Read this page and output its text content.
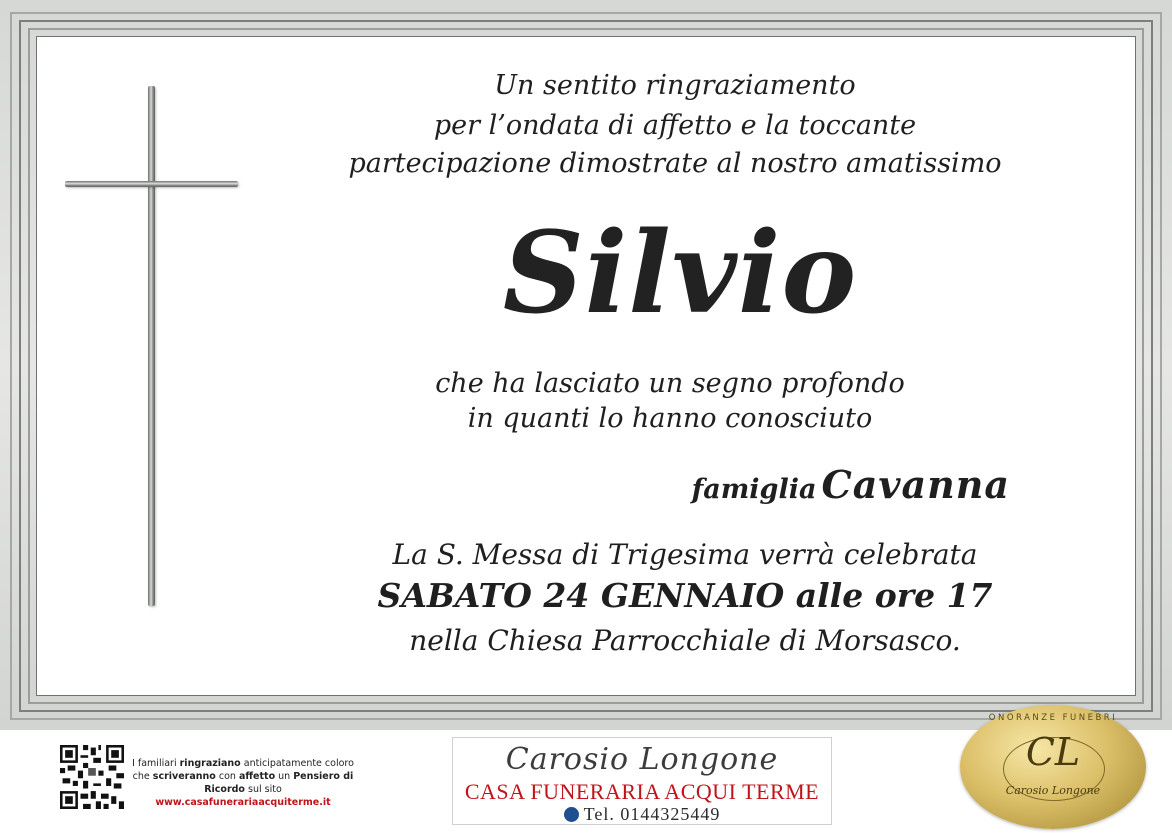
Un sentito ringraziamento
per l’ondata di affetto e la toccante
partecipazione dimostrate al nostro amatissimo
Silvio
che ha lasciato un segno profondo
in quanti lo hanno conosciuto
famiglia Cavanna
La S. Messa di Trigesima verrà celebrata
SABATO 24 GENNAIO alle ore 17
nella Chiesa Parrocchiale di Morsasco.
I familiari ringraziano anticipatamente coloro che scriveranno con affetto un Pensiero di Ricordo sul sito
www.casafunerariaacquiterme.it
Carosio Longone
CASA FUNERARIA ACQUI TERME
Tel. 0144325449
ONORANZE FUNEBRI
CL
Carosio Longone
